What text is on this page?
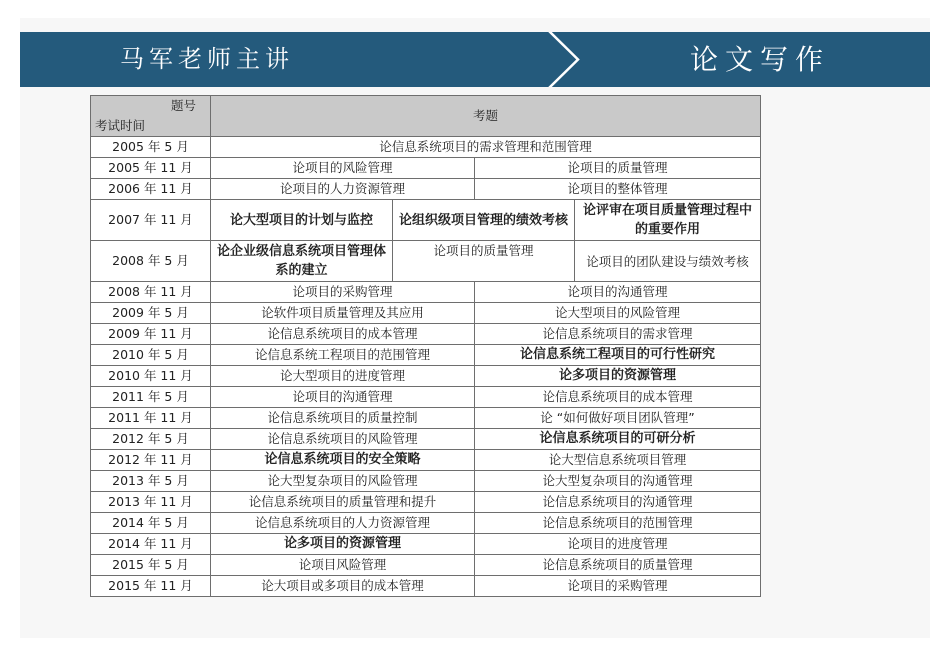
马军老师主讲	论文写作
题号
考试时间	考题			
2005 年 5 月	论信息系统项目的需求管理和范围管理			
2005 年 11 月	论项目的风险管理		论项目的质量管理	
2006 年 11 月	论项目的人力资源管理		论项目的整体管理	
2007 年 11 月	论大型项目的计划与监控	论组织级项目管理的绩效考核		论评审在项目质量管理过程中的重要作用
2008 年 5 月	论企业级信息系统项目管理体系的建立	论项目的质量管理		论项目的团队建设与绩效考核
2008 年 11 月	论项目的采购管理		论项目的沟通管理	
2009 年 5 月	论软件项目质量管理及其应用		论大型项目的风险管理	
2009 年 11 月	论信息系统项目的成本管理		论信息系统项目的需求管理	
2010 年 5 月	论信息系统工程项目的范围管理		论信息系统工程项目的可行性研究	
2010 年 11 月	论大型项目的进度管理		论多项目的资源管理	
2011 年 5 月	论项目的沟通管理		论信息系统项目的成本管理	
2011 年 11 月	论信息系统项目的质量控制		论 “如何做好项目团队管理”	
2012 年 5 月	论信息系统项目的风险管理		论信息系统项目的可研分析	
2012 年 11 月	论信息系统项目的安全策略		论大型信息系统项目管理	
2013 年 5 月	论大型复杂项目的风险管理		论大型复杂项目的沟通管理	
2013 年 11 月	论信息系统项目的质量管理和提升		论信息系统项目的沟通管理	
2014 年 5 月	论信息系统项目的人力资源管理		论信息系统项目的范围管理	
2014 年 11 月	论多项目的资源管理		论项目的进度管理	
2015 年 5 月	论项目风险管理		论信息系统项目的质量管理	
2015 年 11 月	论大项目或多项目的成本管理		论项目的采购管理	
